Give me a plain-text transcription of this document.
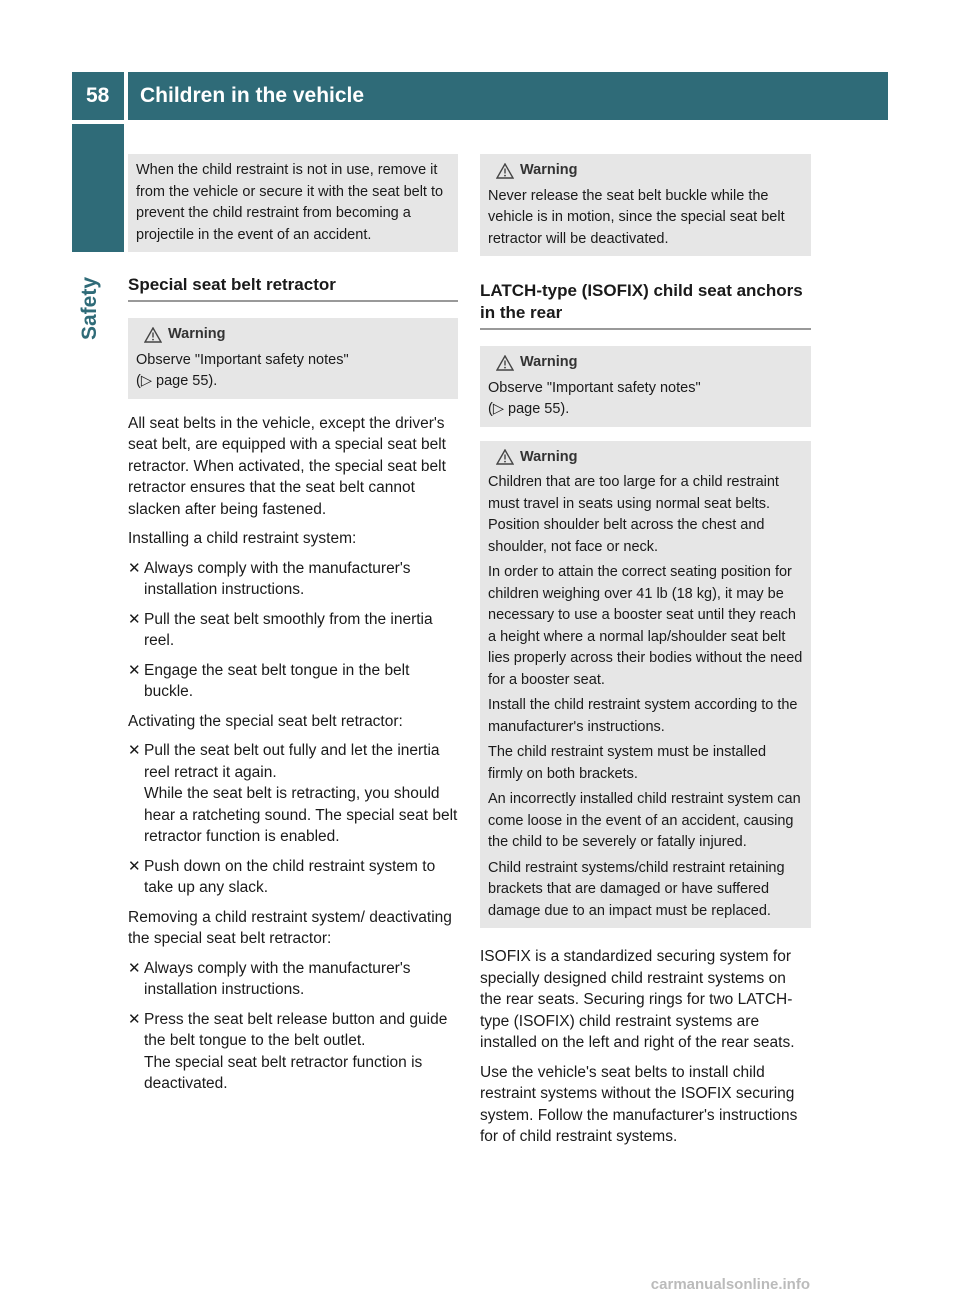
58	Children in the vehicle
Safety

When the child restraint is not in use, remove it from the vehicle or secure it with the seat belt to prevent the child restraint from becoming a projectile in the event of an accident.

Special seat belt retractor
Warning

Observe "Important safety notes"

(▷ page 55).

All seat belts in the vehicle, except the driver's seat belt, are equipped with a special seat belt retractor. When activated, the special seat belt retractor ensures that the seat belt cannot slacken after being fastened.

Installing a child restraint system:

✕ Always comply with the manufacturer's installation instructions.
✕ Pull the seat belt smoothly from the inertia reel.
✕ Engage the seat belt tongue in the belt buckle.

Activating the special seat belt retractor:

✕ Pull the seat belt out fully and let the inertia reel retract it again.
While the seat belt is retracting, you should hear a ratcheting sound. The special seat belt retractor function is enabled.
✕ Push down on the child restraint system to take up any slack.

Removing a child restraint system/ deactivating the special seat belt retractor:

✕ Always comply with the manufacturer's installation instructions.
✕ Press the seat belt release button and guide the belt tongue to the belt outlet.
The special seat belt retractor function is deactivated.
Warning

Never release the seat belt buckle while the vehicle is in motion, since the special seat belt retractor will be deactivated.

LATCH-type (ISOFIX) child seat anchors in the rear
Warning

Observe "Important safety notes"

(▷ page 55).

Warning

Children that are too large for a child restraint must travel in seats using normal seat belts. Position shoulder belt across the chest and shoulder, not face or neck.

In order to attain the correct seating position for children weighing over 41 lb (18 kg), it may be necessary to use a booster seat until they reach a height where a normal lap/shoulder seat belt lies properly across their bodies without the need for a booster seat.

Install the child restraint system according to the manufacturer's instructions.

The child restraint system must be installed firmly on both brackets.

An incorrectly installed child restraint system can come loose in the event of an accident, causing the child to be severely or fatally injured.

Child restraint systems/child restraint retaining brackets that are damaged or have suffered damage due to an impact must be replaced.

ISOFIX is a standardized securing system for specially designed child restraint systems on the rear seats. Securing rings for two LATCH-type (ISOFIX) child restraint systems are installed on the left and right of the rear seats.

Use the vehicle's seat belts to install child restraint systems without the ISOFIX securing system. Follow the manufacturer's instructions for of child restraint systems.

carmanualsonline.info
